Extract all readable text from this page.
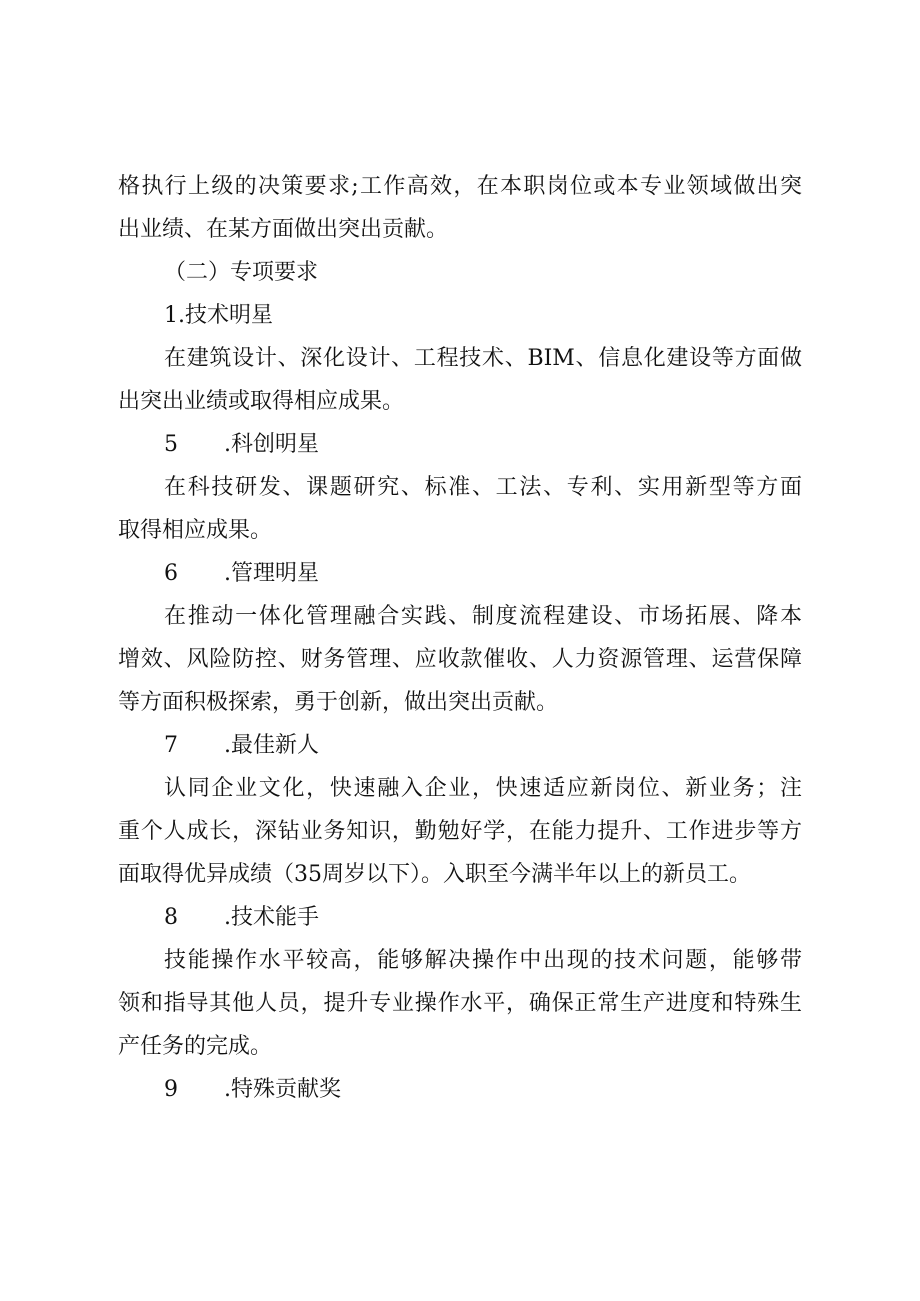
格执行上级的决策要求;工作高效，在本职岗位或本专业领域做出突
出业绩、在某方面做出突出贡献。
（二）专项要求
1.技术明星
在建筑设计、深化设计、工程技术、BIM、信息化建设等方面做
出突出业绩或取得相应成果。
5 .科创明星
在科技研发、课题研究、标准、工法、专利、实用新型等方面
取得相应成果。
6 .管理明星
在推动一体化管理融合实践、制度流程建设、市场拓展、降本
增效、风险防控、财务管理、应收款催收、人力资源管理、运营保障
等方面积极探索，勇于创新，做出突出贡献。
7 .最佳新人
认同企业文化，快速融入企业，快速适应新岗位、新业务；注
重个人成长，深钻业务知识，勤勉好学，在能力提升、工作进步等方
面取得优异成绩（35周岁以下）。入职至今满半年以上的新员工。
8 .技术能手
技能操作水平较高，能够解决操作中出现的技术问题，能够带
领和指导其他人员，提升专业操作水平，确保正常生产进度和特殊生
产任务的完成。
9 .特殊贡献奖
